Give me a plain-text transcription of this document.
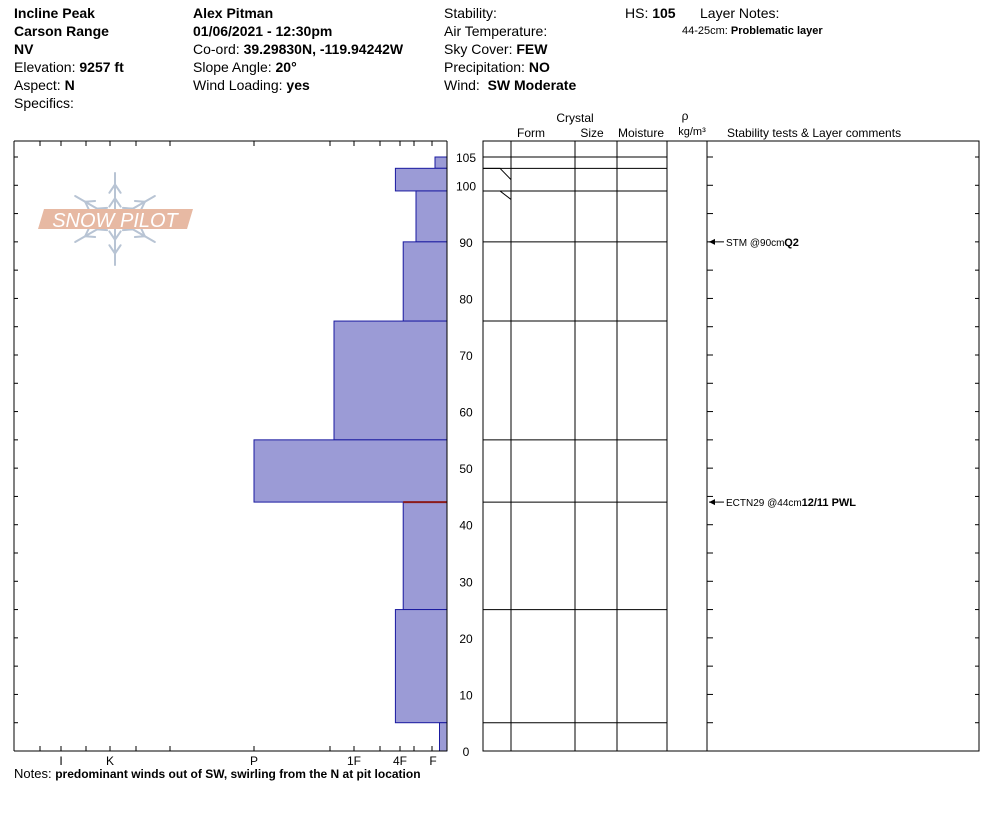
Incline Peak
Carson Range
NV
Elevation: 9257 ft
Aspect: N
Specifics:
Alex Pitman
01/06/2021 - 12:30pm
Co-ord: 39.29830N, -119.94242W
Slope Angle: 20°
Wind Loading: yes
Stability:
Air Temperature:
Sky Cover: FEW
Precipitation: NO
Wind: SW Moderate
HS: 105 Layer Notes:
44-25cm: Problematic layer
SNOW PILOT
I	K	P	1F	4F F
0
10
20
30
40
50
60
70
80
90
100
105
STM @90cm Q2
ECTN29 @44cm 12/11 PWL
Crystal
Form	Size Moisture
ρ
kg/m³ Stability tests & Layer comments
Notes: predominant winds out of SW, swirling from the N at pit location
